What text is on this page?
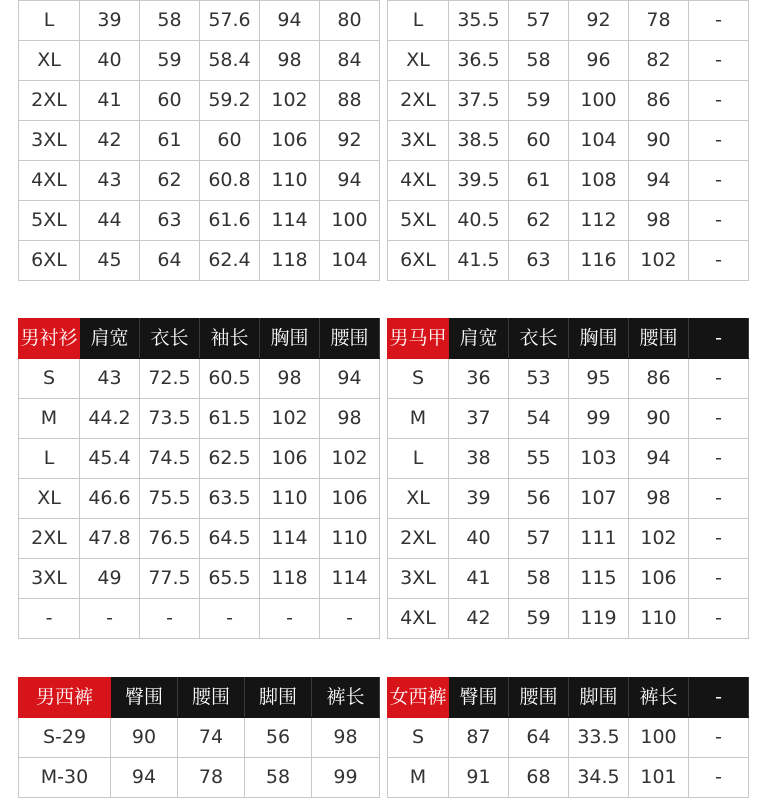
L	39	58	57.6	94	80
XL	40	59	58.4	98	84
2XL	41	60	59.2	102	88
3XL	42	61	60	106	92
4XL	43	62	60.8	110	94
5XL	44	63	61.6	114	100
6XL	45	64	62.4	118	104
L	35.5	57	92	78	-
XL	36.5	58	96	82	-
2XL	37.5	59	100	86	-
3XL	38.5	60	104	90	-
4XL	39.5	61	108	94	-
5XL	40.5	62	112	98	-
6XL	41.5	63	116	102	-
男衬衫	肩宽	衣长	袖长	胸围	腰围
S	43	72.5	60.5	98	94
M	44.2	73.5	61.5	102	98
L	45.4	74.5	62.5	106	102
XL	46.6	75.5	63.5	110	106
2XL	47.8	76.5	64.5	114	110
3XL	49	77.5	65.5	118	114
-	-	-	-	-	-
男马甲	肩宽	衣长	胸围	腰围	-
S	36	53	95	86	-
M	37	54	99	90	-
L	38	55	103	94	-
XL	39	56	107	98	-
2XL	40	57	111	102	-
3XL	41	58	115	106	-
4XL	42	59	119	110	-
男西裤	臀围	腰围	脚围	裤长
S-29	90	74	56	98
M-30	94	78	58	99
女西裤	臀围	腰围	脚围	裤长	-
S	87	64	33.5	100	-
M	91	68	34.5	101	-
